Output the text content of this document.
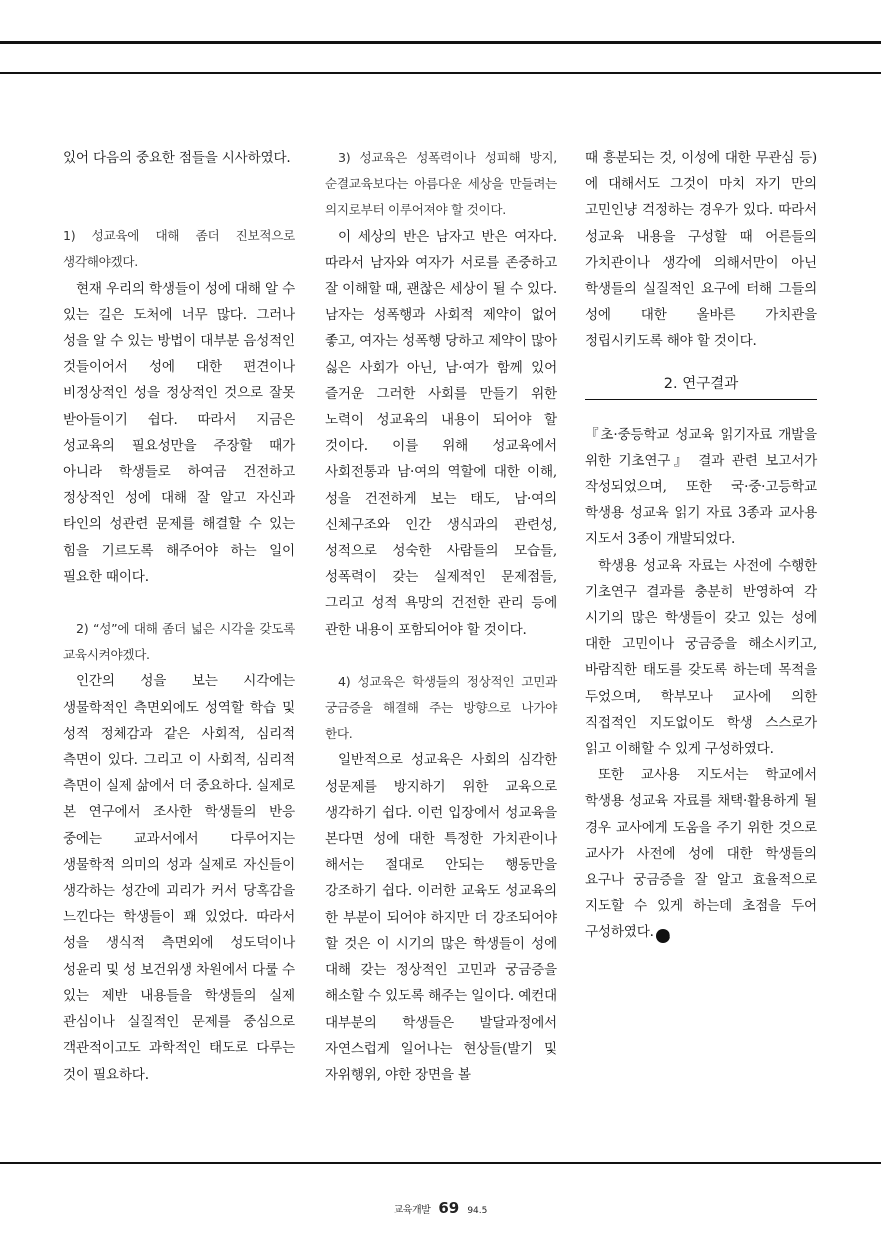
있어 다음의 중요한 점들을 시사하였다.

1) 성교육에 대해 좀더 진보적으로 생각해야겠다.

현재 우리의 학생들이 성에 대해 알 수 있는 길은 도처에 너무 많다. 그러나 성을 알 수 있는 방법이 대부분 음성적인 것들이어서 성에 대한 편견이나 비정상적인 성을 정상적인 것으로 잘못 받아들이기 쉽다. 따라서 지금은 성교육의 필요성만을 주장할 때가 아니라 학생들로 하여금 건전하고 정상적인 성에 대해 잘 알고 자신과 타인의 성관련 문제를 해결할 수 있는 힘을 기르도록 해주어야 하는 일이 필요한 때이다.

2) “성”에 대해 좀더 넓은 시각을 갖도록 교육시켜야겠다.

인간의 성을 보는 시각에는 생물학적인 측면외에도 성역할 학습 및 성적 정체감과 같은 사회적, 심리적 측면이 있다. 그리고 이 사회적, 심리적 측면이 실제 삶에서 더 중요하다. 실제로 본 연구에서 조사한 학생들의 반응 중에는 교과서에서 다루어지는 생물학적 의미의 성과 실제로 자신들이 생각하는 성간에 괴리가 커서 당혹감을 느낀다는 학생들이 꽤 있었다. 따라서 성을 생식적 측면외에 성도덕이나 성윤리 및 성 보건위생 차원에서 다룰 수 있는 제반 내용들을 학생들의 실제 관심이나 실질적인 문제를 중심으로 객관적이고도 과학적인 태도로 다루는 것이 필요하다.

3) 성교육은 성폭력이나 성피해 방지, 순결교육보다는 아름다운 세상을 만들려는 의지로부터 이루어져야 할 것이다.

이 세상의 반은 남자고 반은 여자다. 따라서 남자와 여자가 서로를 존중하고 잘 이해할 때, 괜찮은 세상이 될 수 있다. 남자는 성폭행과 사회적 제약이 없어 좋고, 여자는 성폭행 당하고 제약이 많아 싫은 사회가 아닌, 남·여가 함께 있어 즐거운 그러한 사회를 만들기 위한 노력이 성교육의 내용이 되어야 할 것이다. 이를 위해 성교육에서 사회전통과 남·여의 역할에 대한 이해, 성을 건전하게 보는 태도, 남·여의 신체구조와 인간 생식과의 관련성, 성적으로 성숙한 사람들의 모습들, 성폭력이 갖는 실제적인 문제점들, 그리고 성적 욕망의 건전한 관리 등에 관한 내용이 포함되어야 할 것이다.

4) 성교육은 학생들의 정상적인 고민과 궁금증을 해결해 주는 방향으로 나가야 한다.

일반적으로 성교육은 사회의 심각한 성문제를 방지하기 위한 교육으로 생각하기 쉽다. 이런 입장에서 성교육을 본다면 성에 대한 특정한 가치관이나 해서는 절대로 안되는 행동만을 강조하기 쉽다. 이러한 교육도 성교육의 한 부분이 되어야 하지만 더 강조되어야 할 것은 이 시기의 많은 학생들이 성에 대해 갖는 정상적인 고민과 궁금증을 해소할 수 있도록 해주는 일이다. 예컨대 대부분의 학생들은 발달과정에서 자연스럽게 일어나는 현상들(발기 및 자위행위, 야한 장면을 볼

때 흥분되는 것, 이성에 대한 무관심 등)에 대해서도 그것이 마치 자기 만의 고민인냥 걱정하는 경우가 있다. 따라서 성교육 내용을 구성할 때 어른들의 가치관이나 생각에 의해서만이 아닌 학생들의 실질적인 요구에 터해 그들의 성에 대한 올바른 가치관을 정립시키도록 해야 할 것이다.

2. 연구결과

『초·중등학교 성교육 읽기자료 개발을 위한 기초연구』 결과 관련 보고서가 작성되었으며, 또한 국·중·고등학교 학생용 성교육 읽기 자료 3종과 교사용 지도서 3종이 개발되었다.

학생용 성교육 자료는 사전에 수행한 기초연구 결과를 충분히 반영하여 각 시기의 많은 학생들이 갖고 있는 성에 대한 고민이나 궁금증을 해소시키고, 바람직한 태도를 갖도록 하는데 목적을 두었으며, 학부모나 교사에 의한 직접적인 지도없이도 학생 스스로가 읽고 이해할 수 있게 구성하였다.

또한 교사용 지도서는 학교에서 학생용 성교육 자료를 채택·활용하게 될 경우 교사에게 도움을 주기 위한 것으로 교사가 사전에 성에 대한 학생들의 요구나 궁금증을 잘 알고 효율적으로 지도할 수 있게 하는데 초점을 두어 구성하였다. ⓔ

교육개발 69 94.5
